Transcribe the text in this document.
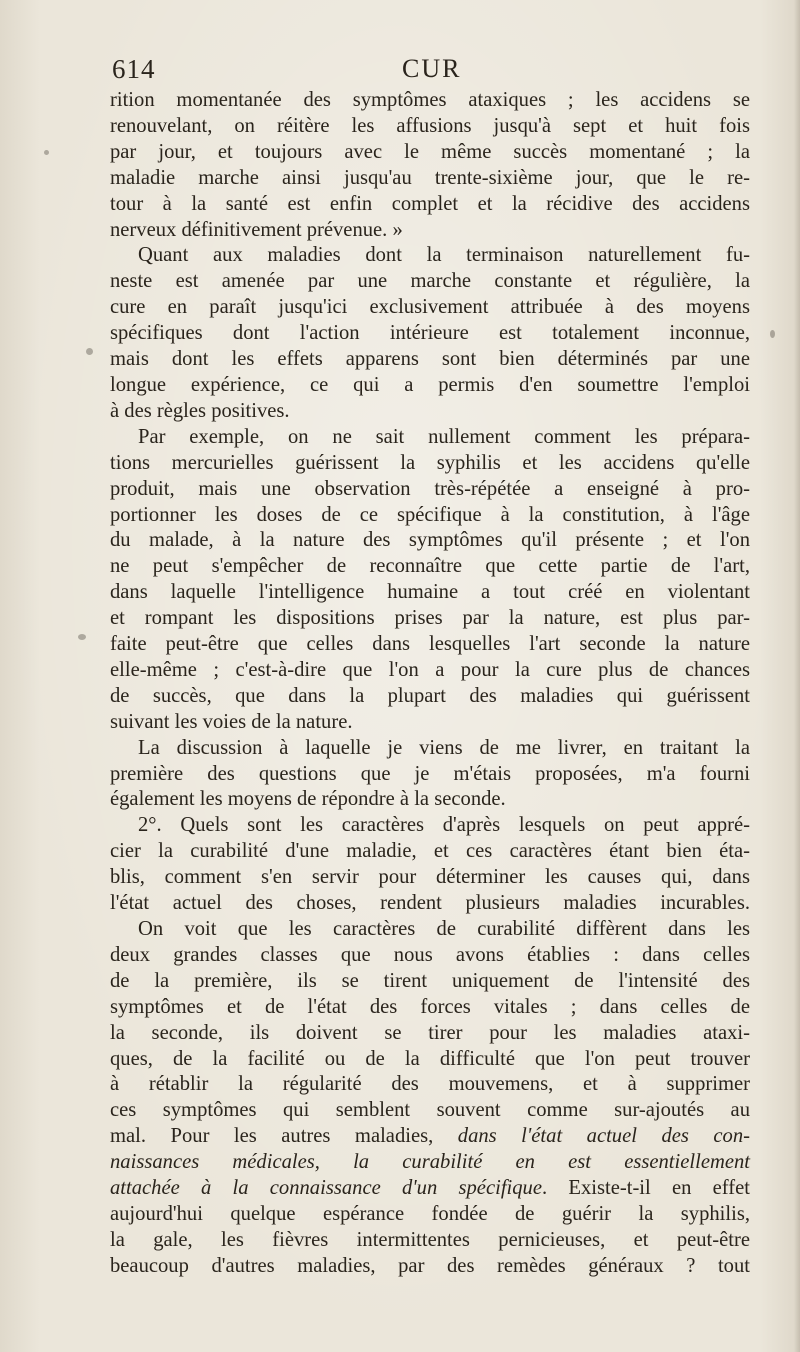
614	CUR
rition momentanée des symptômes ataxiques ; les accidens se
renouvelant, on réitère les affusions jusqu'à sept et huit fois
par jour, et toujours avec le même succès momentané ; la
maladie marche ainsi jusqu'au trente-sixième jour, que le re-
tour à la santé est enfin complet et la récidive des accidens
nerveux définitivement prévenue. »
Quant aux maladies dont la terminaison naturellement fu-
neste est amenée par une marche constante et régulière, la
cure en paraît jusqu'ici exclusivement attribuée à des moyens
spécifiques dont l'action intérieure est totalement inconnue,
mais dont les effets apparens sont bien déterminés par une
longue expérience, ce qui a permis d'en soumettre l'emploi
à des règles positives.
Par exemple, on ne sait nullement comment les prépara-
tions mercurielles guérissent la syphilis et les accidens qu'elle
produit, mais une observation très-répétée a enseigné à pro-
portionner les doses de ce spécifique à la constitution, à l'âge
du malade, à la nature des symptômes qu'il présente ; et l'on
ne peut s'empêcher de reconnaître que cette partie de l'art,
dans laquelle l'intelligence humaine a tout créé en violentant
et rompant les dispositions prises par la nature, est plus par-
faite peut-être que celles dans lesquelles l'art seconde la nature
elle-même ; c'est-à-dire que l'on a pour la cure plus de chances
de succès, que dans la plupart des maladies qui guérissent
suivant les voies de la nature.
La discussion à laquelle je viens de me livrer, en traitant la
première des questions que je m'étais proposées, m'a fourni
également les moyens de répondre à la seconde.
2°. Quels sont les caractères d'après lesquels on peut appré-
cier la curabilité d'une maladie, et ces caractères étant bien éta-
blis, comment s'en servir pour déterminer les causes qui, dans
l'état actuel des choses, rendent plusieurs maladies incurables.
On voit que les caractères de curabilité diffèrent dans les
deux grandes classes que nous avons établies : dans celles
de la première, ils se tirent uniquement de l'intensité des
symptômes et de l'état des forces vitales ; dans celles de
la seconde, ils doivent se tirer pour les maladies ataxi-
ques, de la facilité ou de la difficulté que l'on peut trouver
à rétablir la régularité des mouvemens, et à supprimer
ces symptômes qui semblent souvent comme sur-ajoutés au
mal. Pour les autres maladies, dans l'état actuel des con-
naissances médicales, la curabilité en est essentiellement
attachée à la connaissance d'un spécifique. Existe-t-il en effet
aujourd'hui quelque espérance fondée de guérir la syphilis,
la gale, les fièvres intermittentes pernicieuses, et peut-être
beaucoup d'autres maladies, par des remèdes généraux ? tout
